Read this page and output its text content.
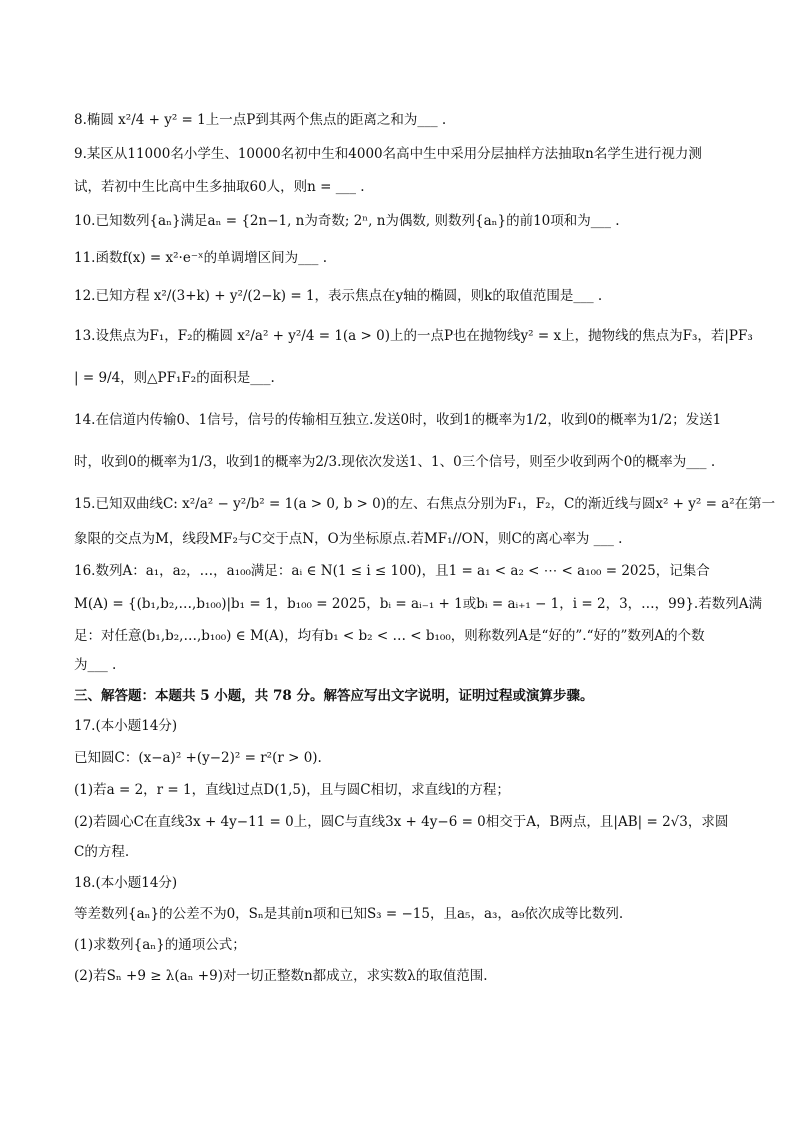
8.椭圆 x²/4 + y² = 1上一点P到其两个焦点的距离之和为___ .
9.某区从11000名小学生、10000名初中生和4000名高中生中采用分层抽样方法抽取n名学生进行视力测
试，若初中生比高中生多抽取60人，则n = ___ .
10.已知数列{aₙ}满足aₙ = {2n−1, n为奇数; 2ⁿ, n为偶数, 则数列{aₙ}的前10项和为___ .
11.函数f(x) = x²·e⁻ˣ的单调增区间为___ .
12.已知方程 x²/(3+k) + y²/(2−k) = 1，表示焦点在y轴的椭圆，则k的取值范围是___ .
13.设焦点为F₁，F₂的椭圆 x²/a² + y²/4 = 1(a > 0)上的一点P也在抛物线y² = x上，抛物线的焦点为F₃，若|PF₃
| = 9/4，则△PF₁F₂的面积是___.
14.在信道内传输0、1信号，信号的传输相互独立.发送0时，收到1的概率为1/2，收到0的概率为1/2；发送1
时，收到0的概率为1/3，收到1的概率为2/3.现依次发送1、1、0三个信号，则至少收到两个0的概率为___ .
15.已知双曲线C: x²/a² − y²/b² = 1(a > 0, b > 0)的左、右焦点分别为F₁，F₂，C的渐近线与圆x² + y² = a²在第一
象限的交点为M，线段MF₂与C交于点N，O为坐标原点.若MF₁//ON，则C的离心率为 ___ .
16.数列A：a₁，a₂，…，a₁₀₀满足：aᵢ ∈ N(1 ≤ i ≤ 100)，且1 = a₁ < a₂ < ⋯ < a₁₀₀ = 2025，记集合
M(A) = {(b₁,b₂,…,b₁₀₀)|b₁ = 1，b₁₀₀ = 2025，bᵢ = aᵢ₋₁ + 1或bᵢ = aᵢ₊₁ − 1，i = 2，3，…，99}.若数列A满
足：对任意(b₁,b₂,…,b₁₀₀) ∈ M(A)，均有b₁ < b₂ < … < b₁₀₀，则称数列A是“好的”.“好的”数列A的个数
为___ .
三、解答题：本题共 5 小题，共 78 分。解答应写出文字说明，证明过程或演算步骤。
17.(本小题14分)
已知圆C：(x−a)² +(y−2)² = r²(r > 0).
(1)若a = 2，r = 1，直线l过点D(1,5)，且与圆C相切，求直线l的方程；
(2)若圆心C在直线3x + 4y−11 = 0上，圆C与直线3x + 4y−6 = 0相交于A，B两点，且|AB| = 2√3，求圆
C的方程.
18.(本小题14分)
等差数列{aₙ}的公差不为0，Sₙ是其前n项和已知S₃ = −15，且a₅，a₃，a₉依次成等比数列.
(1)求数列{aₙ}的通项公式；
(2)若Sₙ +9 ≥ λ(aₙ +9)对一切正整数n都成立，求实数λ的取值范围.
